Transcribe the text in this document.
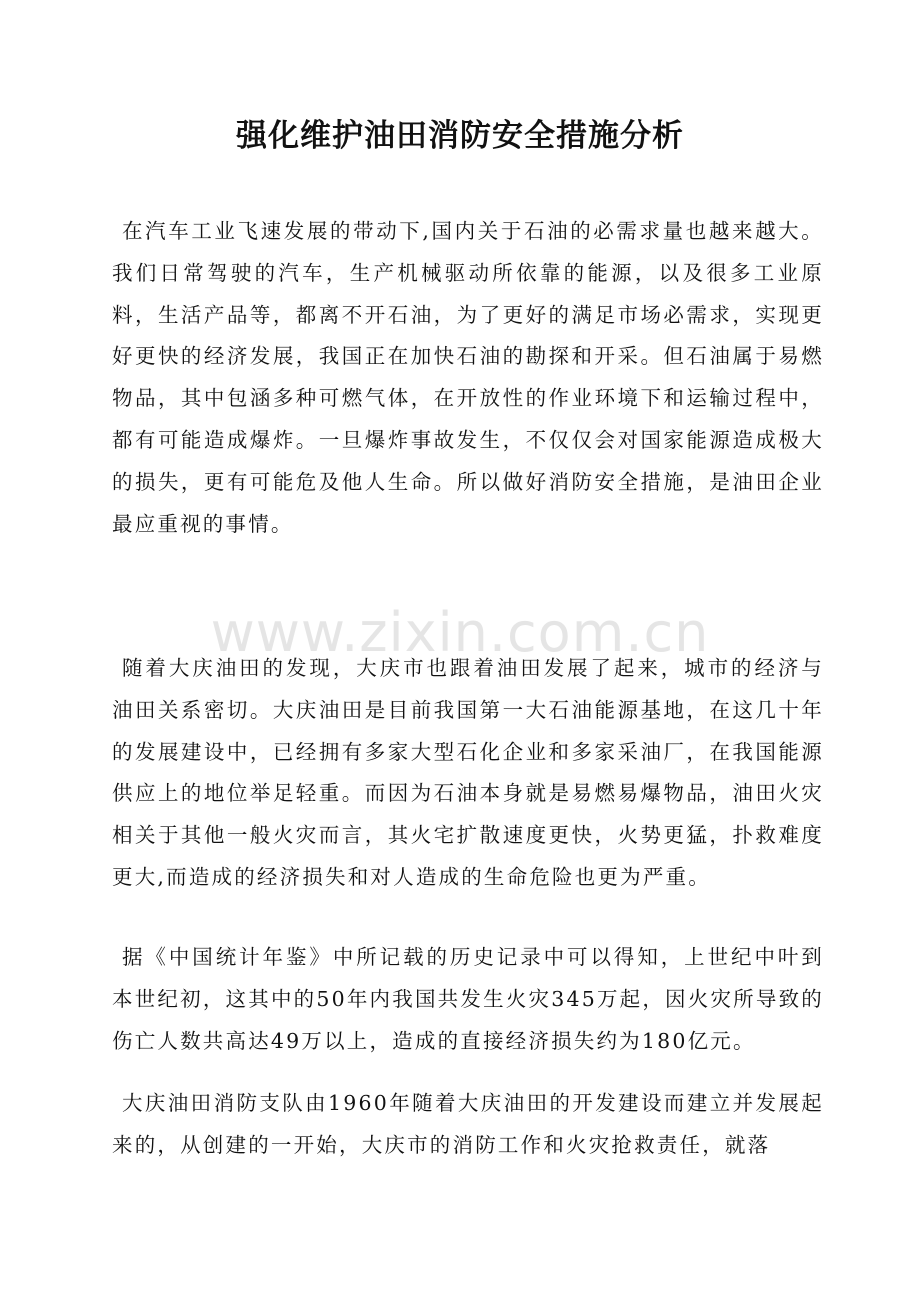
强化维护油田消防安全措施分析

在汽车工业飞速发展的带动下,国内关于石油的必需求量也越来越大。我们日常驾驶的汽车，生产机械驱动所依靠的能源，以及很多工业原料，生活产品等，都离不开石油，为了更好的满足市场必需求，实现更好更快的经济发展，我国正在加快石油的勘探和开采。但石油属于易燃物品，其中包涵多种可燃气体，在开放性的作业环境下和运输过程中，都有可能造成爆炸。一旦爆炸事故发生，不仅仅会对国家能源造成极大的损失，更有可能危及他人生命。所以做好消防安全措施，是油田企业最应重视的事情。

www.zixin.com.cn

随着大庆油田的发现，大庆市也跟着油田发展了起来，城市的经济与油田关系密切。大庆油田是目前我国第一大石油能源基地，在这几十年的发展建设中，已经拥有多家大型石化企业和多家采油厂，在我国能源供应上的地位举足轻重。而因为石油本身就是易燃易爆物品，油田火灾相关于其他一般火灾而言，其火宅扩散速度更快，火势更猛，扑救难度更大,而造成的经济损失和对人造成的生命危险也更为严重。

据《中国统计年鉴》中所记载的历史记录中可以得知，上世纪中叶到本世纪初，这其中的50年内我国共发生火灾345万起，因火灾所导致的伤亡人数共高达49万以上，造成的直接经济损失约为180亿元。

大庆油田消防支队由1960年随着大庆油田的开发建设而建立并发展起来的，从创建的一开始，大庆市的消防工作和火灾抢救责任，就落
